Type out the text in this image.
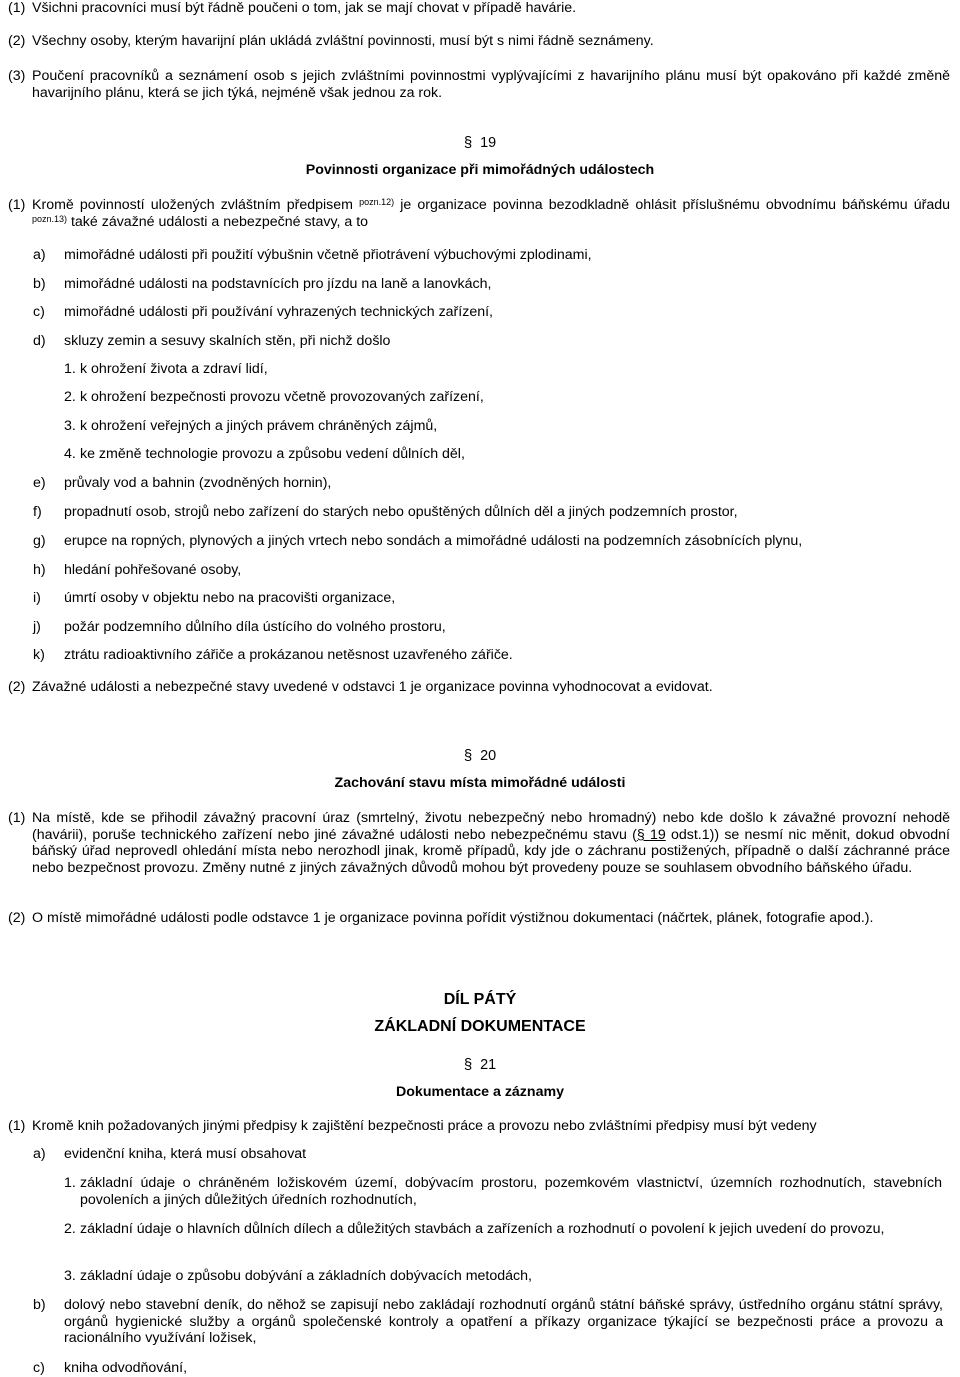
(1) Všichni pracovníci musí být řádně poučeni o tom, jak se mají chovat v případě havárie.
(2) Všechny osoby, kterým havarijní plán ukládá zvláštní povinnosti, musí být s nimi řádně seznámeny.
(3) Poučení pracovníků a seznámení osob s jejich zvláštními povinnostmi vyplývajícími z havarijního plánu musí být opakováno při každé změně havarijního plánu, která se jich týká, nejméně však jednou za rok.
§ 19
Povinnosti organizace při mimořádných událostech
(1) Kromě povinností uložených zvláštním předpisem $^{pozn.12)}$ je organizace povinna bezodkladně ohlásit příslušnému obvodnímu báňskému úřadu $^{pozn.13)}$ také závažné události a nebezpečné stavy, a to
a) mimořádné události při použití výbušnin včetně přiotrávení výbuchovými zplodinami,
b) mimořádné události na podstavnících pro jízdu na laně a lanovkách,
c) mimořádné události při používání vyhrazených technických zařízení,
d) skluzy zemin a sesuvy skalních stěn, při nichž došlo
1. k ohrožení života a zdraví lidí,
2. k ohrožení bezpečnosti provozu včetně provozovaných zařízení,
3. k ohrožení veřejných a jiných právem chráněných zájmů,
4. ke změně technologie provozu a způsobu vedení důlních děl,
e) průvaly vod a bahnin (zvodněných hornin),
f) propadnutí osob, strojů nebo zařízení do starých nebo opuštěných důlních děl a jiných podzemních prostor,
g) erupce na ropných, plynových a jiných vrtech nebo sondách a mimořádné události na podzemních zásobnících plynu,
h) hledání pohřešované osoby,
i) úmrtí osoby v objektu nebo na pracovišti organizace,
j) požár podzemního důlního díla ústícího do volného prostoru,
k) ztrátu radioaktivního zářiče a prokázanou netěsnost uzavřeného zářiče.
(2) Závažné události a nebezpečné stavy uvedené v odstavci 1 je organizace povinna vyhodnocovat a evidovat.
§ 20
Zachování stavu místa mimořádné události
(1) Na místě, kde se přihodil závažný pracovní úraz (smrtelný, životu nebezpečný nebo hromadný) nebo kde došlo k závažné provozní nehodě (havárii), poruše technického zařízení nebo jiné závažné události nebo nebezpečnému stavu (§ 19 odst.1)) se nesmí nic měnit, dokud obvodní báňský úřad neprovedl ohledání místa nebo nerozhodl jinak, kromě případů, kdy jde o záchranu postižených, případně o další záchranné práce nebo bezpečnost provozu. Změny nutné z jiných závažných důvodů mohou být provedeny pouze se souhlasem obvodního báňského úřadu.
(2) O místě mimořádné události podle odstavce 1 je organizace povinna pořídit výstižnou dokumentaci (náčrtek, plánek, fotografie apod.).
DÍL PÁTÝ
ZÁKLADNÍ DOKUMENTACE
§ 21
Dokumentace a záznamy
(1) Kromě knih požadovaných jinými předpisy k zajištění bezpečnosti práce a provozu nebo zvláštními předpisy musí být vedeny
a) evidenční kniha, která musí obsahovat
1. základní údaje o chráněném ložiskovém území, dobývacím prostoru, pozemkovém vlastnictví, územních rozhodnutích, stavebních povoleních a jiných důležitých úředních rozhodnutích,
2. základní údaje o hlavních důlních dílech a důležitých stavbách a zařízeních a rozhodnutí o povolení k jejich uvedení do provozu,
3. základní údaje o způsobu dobývání a základních dobývacích metodách,
b) dolový nebo stavební deník, do něhož se zapisují nebo zakládají rozhodnutí orgánů státní báňské správy, ústředního orgánu státní správy, orgánů hygienické služby a orgánů společenské kontroly a opatření a příkazy organizace týkající se bezpečnosti práce a provozu a racionálního využívání ložisek,
c) kniha odvodňování,
